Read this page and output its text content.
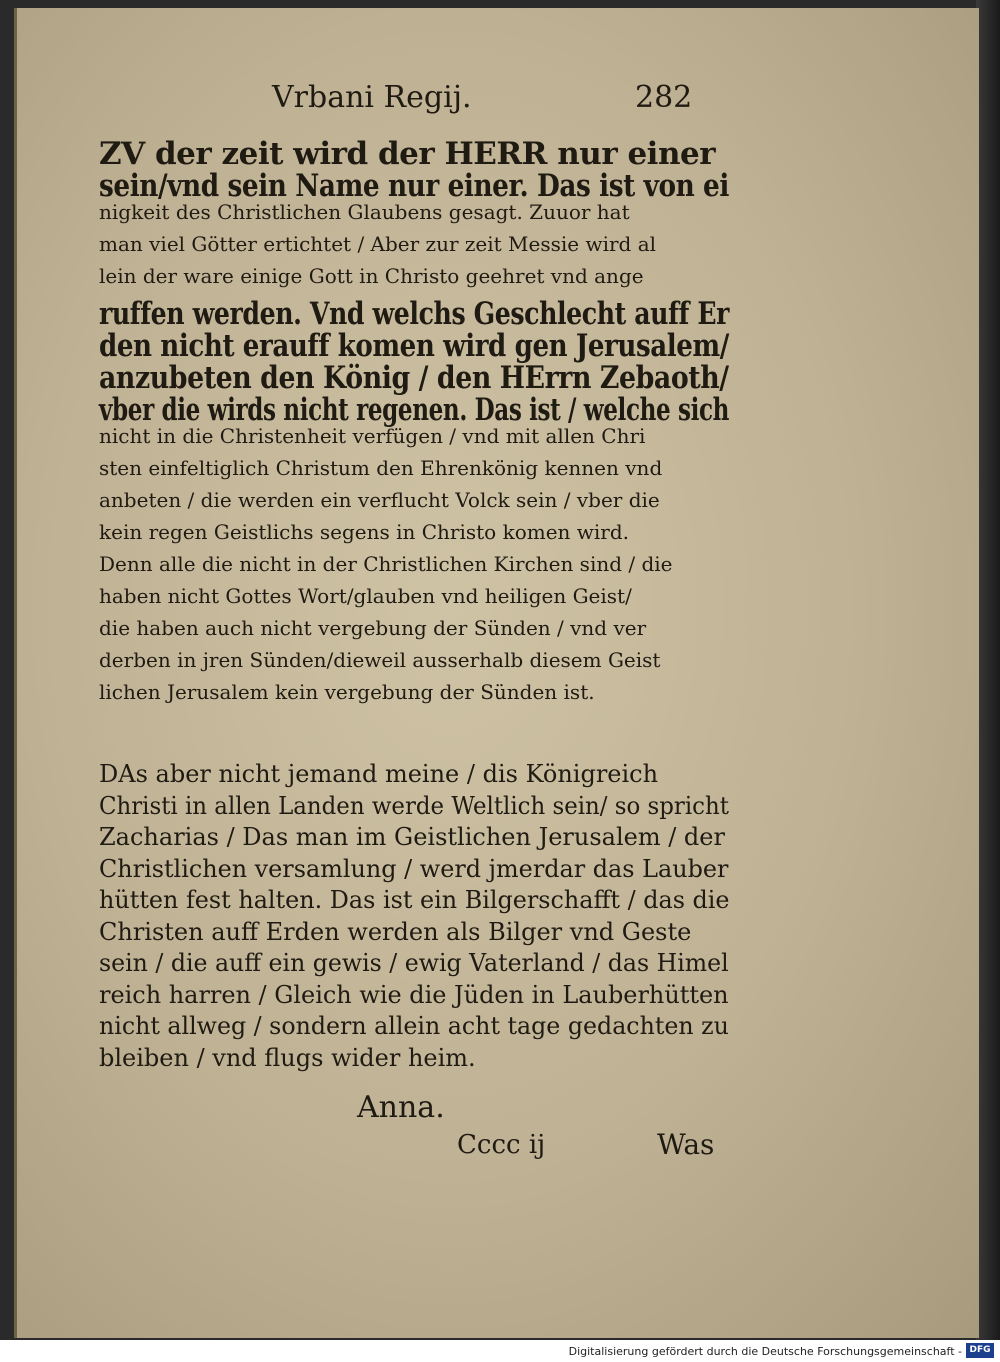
Vrbani Regij.	282
ZV der zeit wird der HERR nur einer
sein/vnd sein Name nur einer. Das ist von ei
nigkeit des Christlichen Glaubens gesagt. Zuuor hat
man viel Götter ertichtet / Aber zur zeit Messie wird al
lein der ware einige Gott in Christo geehret vnd ange
ruffen werden. Vnd welchs Geschlecht auff Er
den nicht erauff komen wird gen Jerusalem/
anzubeten den König / den HErrn Zebaoth/
vber die wirds nicht regenen. Das ist / welche sich
nicht in die Christenheit verfügen / vnd mit allen Chri
sten einfeltiglich Christum den Ehrenkönig kennen vnd
anbeten / die werden ein verflucht Volck sein / vber die
kein regen Geistlichs segens in Christo komen wird.
Denn alle die nicht in der Christlichen Kirchen sind / die
haben nicht Gottes Wort/glauben vnd heiligen Geist/
die haben auch nicht vergebung der Sünden / vnd ver
derben in jren Sünden/dieweil ausserhalb diesem Geist
lichen Jerusalem kein vergebung der Sünden ist.
DAs aber nicht jemand meine / dis Königreich
Christi in allen Landen werde Weltlich sein/ so spricht
Zacharias / Das man im Geistlichen Jerusalem / der
Christlichen versamlung / werd jmerdar das Lauber
hütten fest halten. Das ist ein Bilgerschafft / das die
Christen auff Erden werden als Bilger vnd Geste
sein / die auff ein gewis / ewig Vaterland / das Himel
reich harren / Gleich wie die Jüden in Lauberhütten
nicht allweg / sondern allein acht tage gedachten zu
bleiben / vnd flugs wider heim.
Anna.
Cccc ij	Was
Digitalisierung gefördert durch die Deutsche Forschungsgemeinschaft - DFG
